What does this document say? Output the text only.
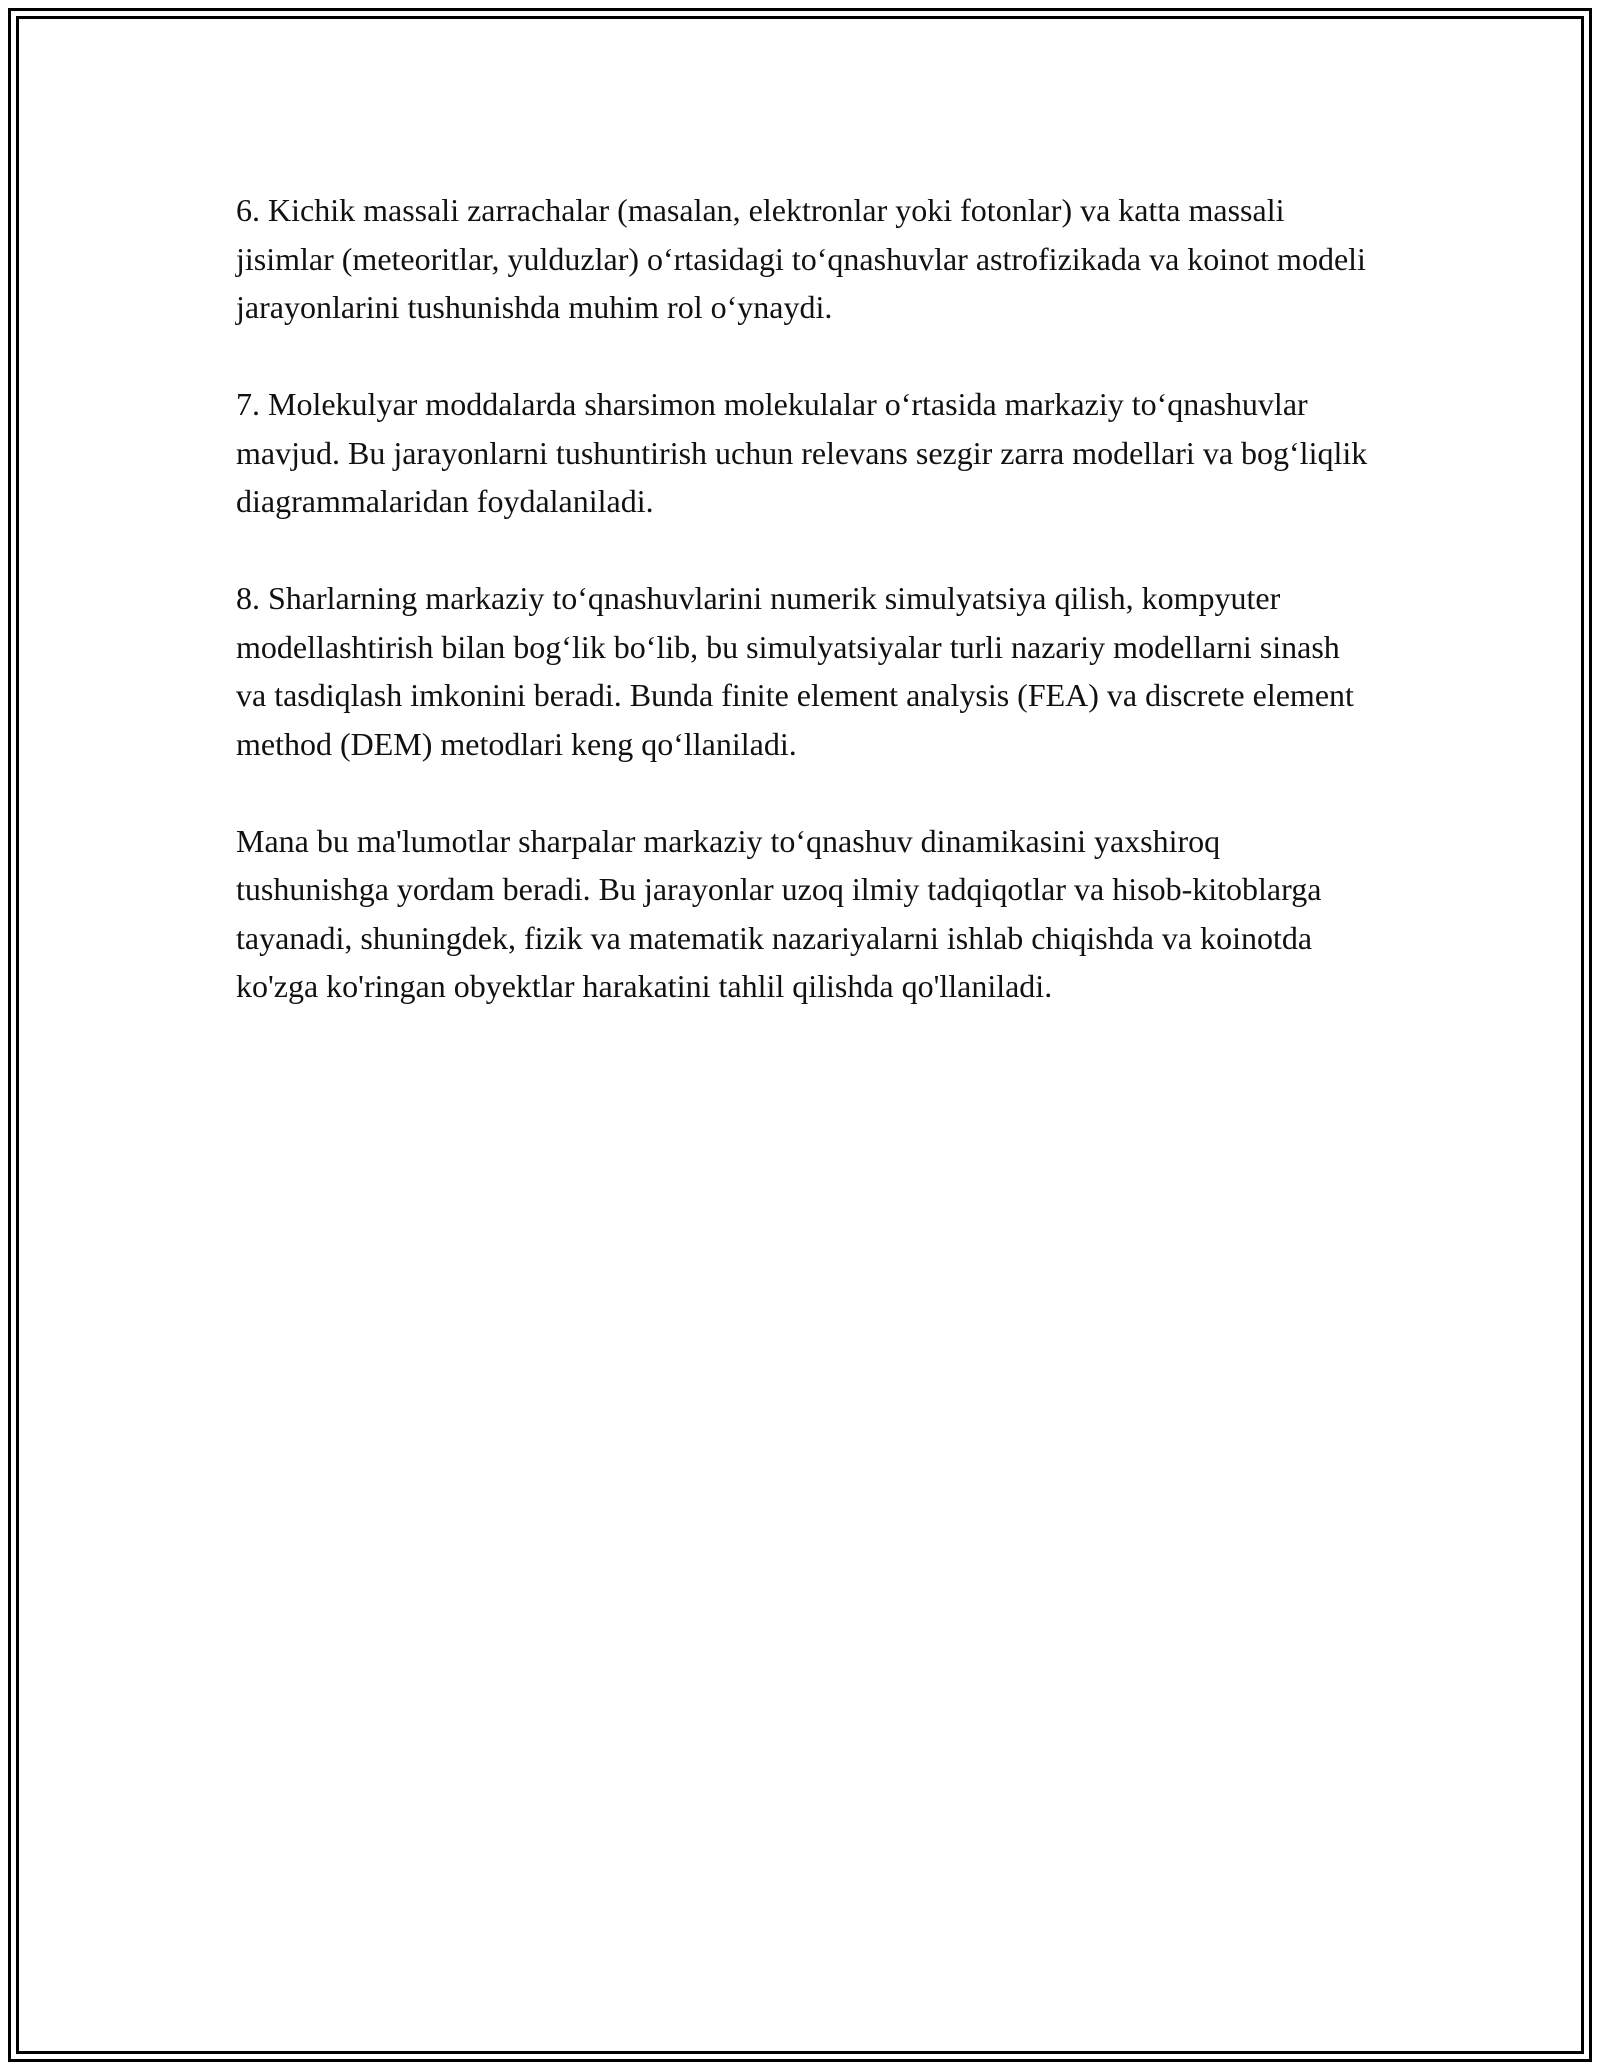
6. Kichik massali zarrachalar (masalan, elektronlar yoki fotonlar) va katta massali jisimlar (meteoritlar, yulduzlar) o‘rtasidagi to‘qnashuvlar astrofizikada va koinot modeli jarayonlarini tushunishda muhim rol o‘ynaydi.

7. Molekulyar moddalarda sharsimon molekulalar o‘rtasida markaziy to‘qnashuvlar mavjud. Bu jarayonlarni tushuntirish uchun relevans sezgir zarra modellari va bog‘liqlik diagrammalaridan foydalaniladi.

8. Sharlarning markaziy to‘qnashuvlarini numerik simulyatsiya qilish, kompyuter modellashtirish bilan bog‘lik bo‘lib, bu simulyatsiyalar turli nazariy modellarni sinash va tasdiqlash imkonini beradi. Bunda finite element analysis (FEA) va discrete element method (DEM) metodlari keng qo‘llaniladi.

Mana bu ma'lumotlar sharpalar markaziy to‘qnashuv dinamikasini yaxshiroq tushunishga yordam beradi. Bu jarayonlar uzoq ilmiy tadqiqotlar va hisob-kitoblarga tayanadi, shuningdek, fizik va matematik nazariyalarni ishlab chiqishda va koinotda ko'zga ko'ringan obyektlar harakatini tahlil qilishda qo'llaniladi.
